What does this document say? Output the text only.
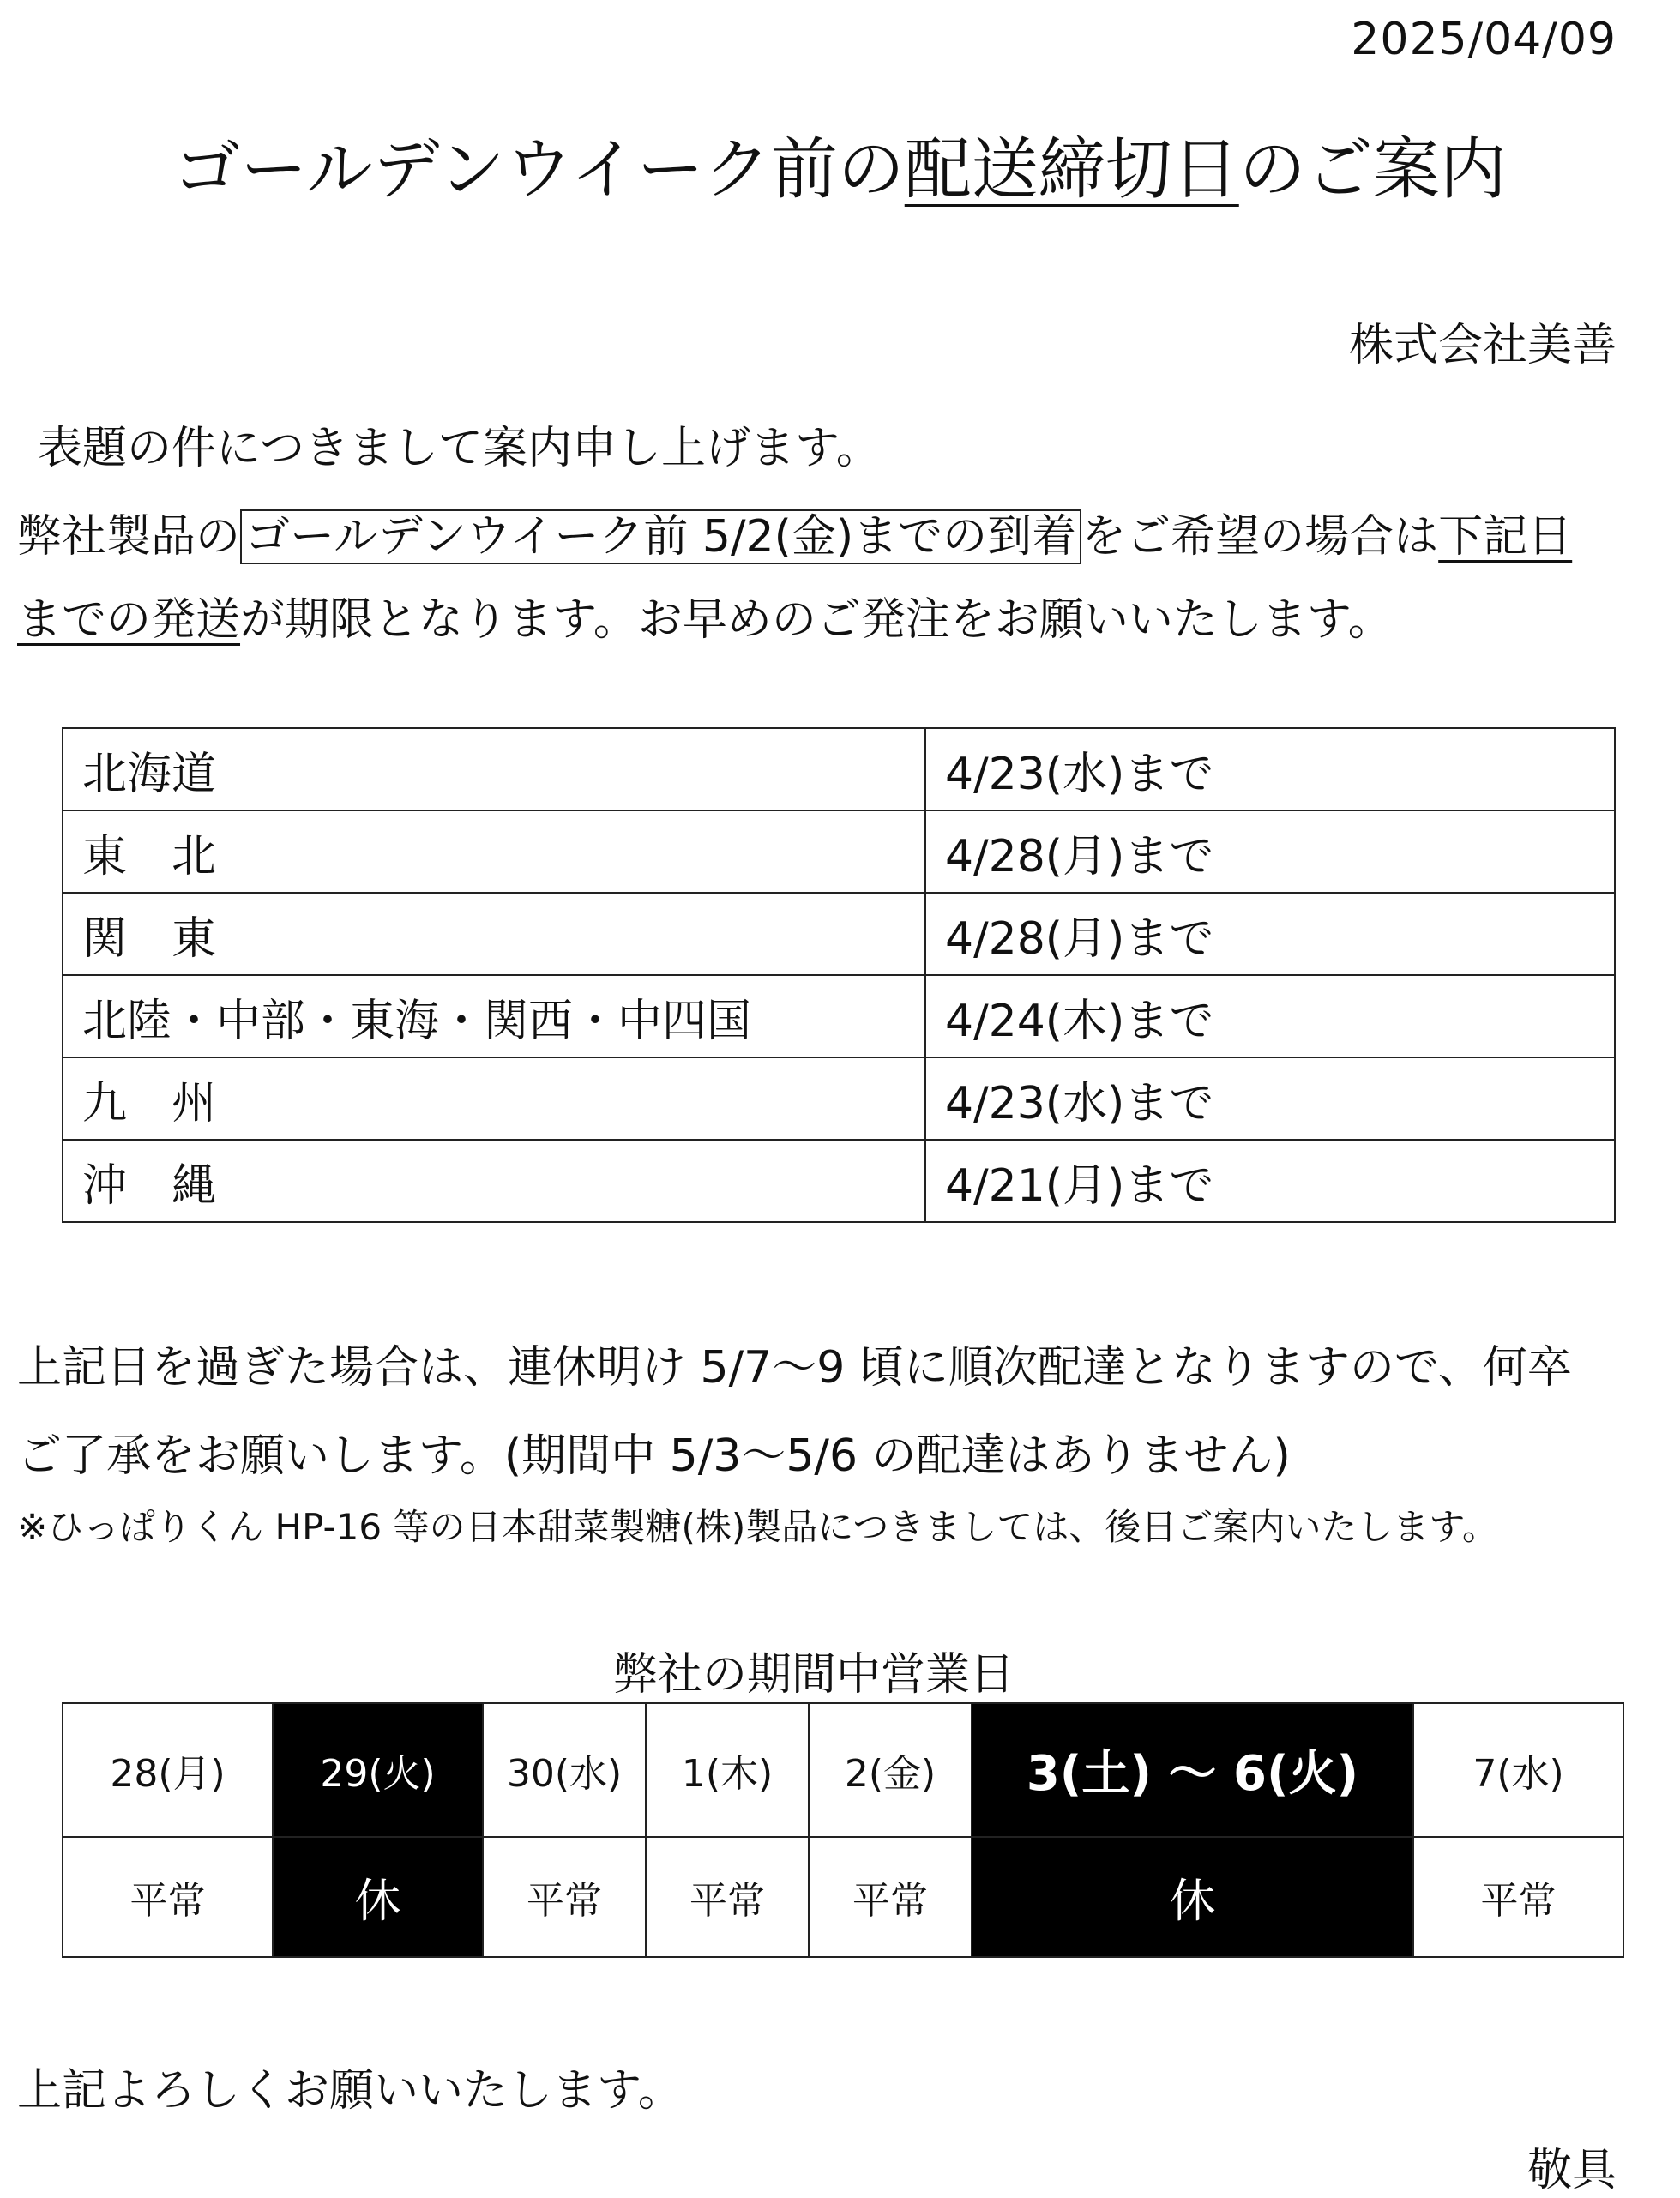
2025/04/09
ゴールデンウイーク前の配送締切日のご案内
株式会社美善
表題の件につきまして案内申し上げます。
弊社製品の ゴールデンウイーク前 5/2(金)までの到着 をご希望の場合は下記日
までの発送が期限となります。お早めのご発注をお願いいたします。
北海道	4/23(水)まで
東　北	4/28(月)まで
関　東	4/28(月)まで
北陸・中部・東海・関西・中四国	4/24(木)まで
九　州	4/23(水)まで
沖　縄	4/21(月)まで
上記日を過ぎた場合は、連休明け 5/7～9 頃に順次配達となりますので、何卒
ご了承をお願いします。(期間中 5/3～5/6 の配達はありません)
※ひっぱりくん HP-16 等の日本甜菜製糖(株)製品につきましては、後日ご案内いたします。
弊社の期間中営業日
28(月)	29(火)	30(水)	1(木)	2(金)	3(土) ～ 6(火)	7(水)
平常	休	平常	平常	平常	休	平常
上記よろしくお願いいたします。
敬具
